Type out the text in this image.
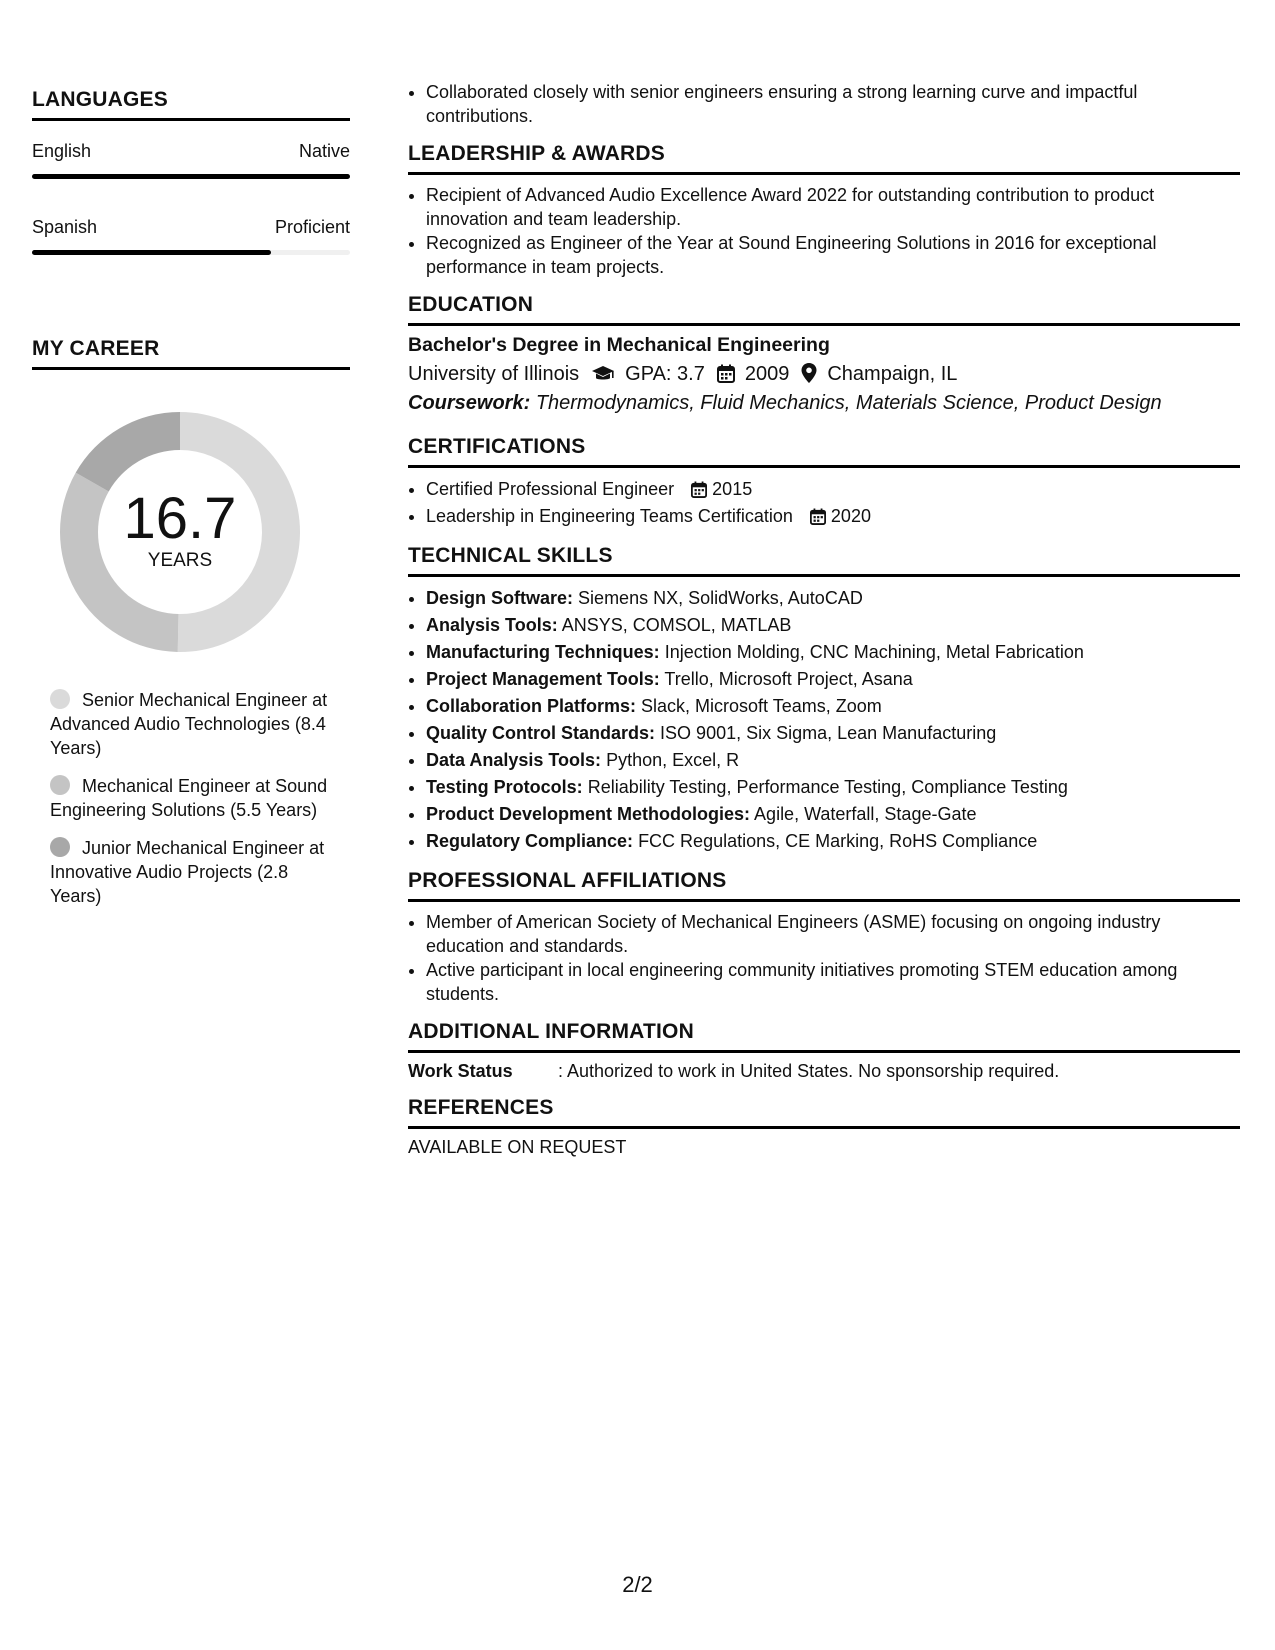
LANGUAGES
English	Native
Spanish	Proficient
MY CAREER
16.7
YEARS
Senior Mechanical Engineer at Advanced Audio Technologies (8.4 Years)
Mechanical Engineer at Sound Engineering Solutions (5.5 Years)
Junior Mechanical Engineer at Innovative Audio Projects (2.8 Years)
• Collaborated closely with senior engineers ensuring a strong learning curve and impactful contributions.
LEADERSHIP & AWARDS
• Recipient of Advanced Audio Excellence Award 2022 for outstanding contribution to product innovation and team leadership.
• Recognized as Engineer of the Year at Sound Engineering Solutions in 2016 for exceptional performance in team projects.
EDUCATION
Bachelor's Degree in Mechanical Engineering
University of Illinois GPA: 3.7 2009 Champaign, IL
Coursework: Thermodynamics, Fluid Mechanics, Materials Science, Product Design
CERTIFICATIONS
• Certified Professional Engineer 2015
• Leadership in Engineering Teams Certification 2020
TECHNICAL SKILLS
• Design Software: Siemens NX, SolidWorks, AutoCAD
• Analysis Tools: ANSYS, COMSOL, MATLAB
• Manufacturing Techniques: Injection Molding, CNC Machining, Metal Fabrication
• Project Management Tools: Trello, Microsoft Project, Asana
• Collaboration Platforms: Slack, Microsoft Teams, Zoom
• Quality Control Standards: ISO 9001, Six Sigma, Lean Manufacturing
• Data Analysis Tools: Python, Excel, R
• Testing Protocols: Reliability Testing, Performance Testing, Compliance Testing
• Product Development Methodologies: Agile, Waterfall, Stage-Gate
• Regulatory Compliance: FCC Regulations, CE Marking, RoHS Compliance
PROFESSIONAL AFFILIATIONS
• Member of American Society of Mechanical Engineers (ASME) focusing on ongoing industry education and standards.
• Active participant in local engineering community initiatives promoting STEM education among students.
ADDITIONAL INFORMATION
Work Status	: Authorized to work in United States. No sponsorship required.
REFERENCES
AVAILABLE ON REQUEST
2/2
